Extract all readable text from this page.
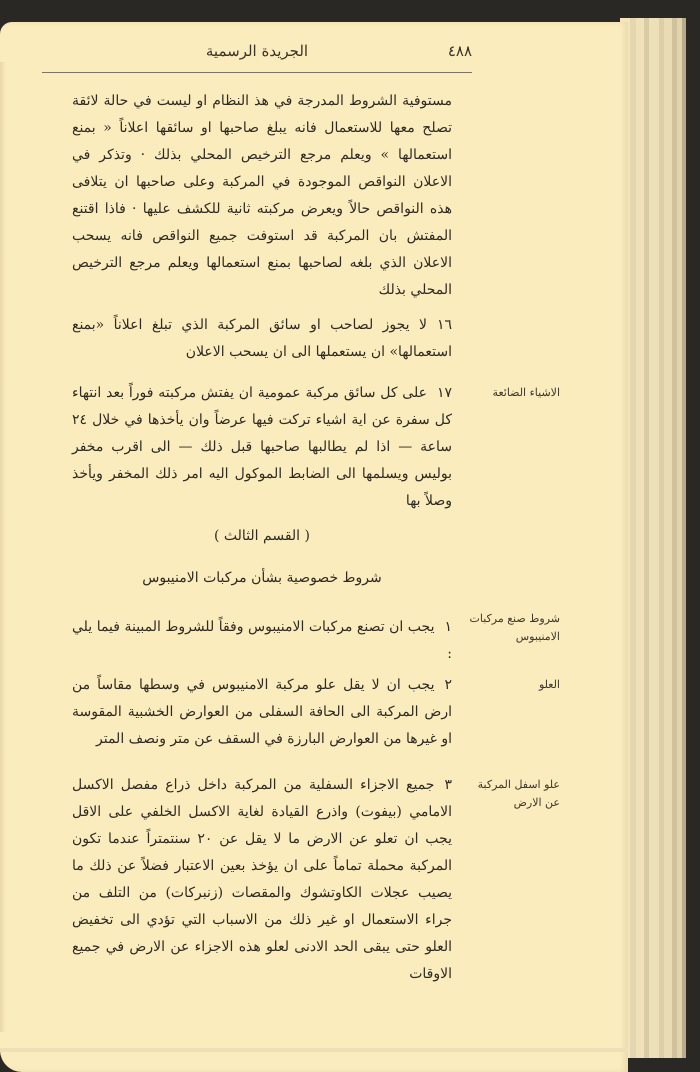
٤٨٨
الجريدة الرسمية
مستوفية الشروط المدرجة في هذ النظام او ليست في حالة لائقة تصلح معها للاستعمال فانه يبلغ صاحبها او سائقها اعلاناً « بمنع استعمالها » ويعلم مرجع الترخيص المحلي بذلك · وتذكر في الاعلان النواقص الموجودة في المركبة وعلى صاحبها ان يتلافى هذه النواقص حالاً ويعرض مركبته ثانية للكشف عليها · فاذا اقتنع المفتش بان المركبة قد استوفت جميع النواقص فانه يسحب الاعلان الذي بلغه لصاحبها بمنع استعمالها ويعلم مرجع الترخيص المحلي بذلك
١٦لا يجوز لصاحب او سائق المركبة الذي تبلغ اعلاناً «بمنع استعمالها» ان يستعملها الى ان يسحب الاعلان
الاشياء الضائعة
١٧على كل سائق مركبة عمومية ان يفتش مركبته فوراً بعد انتهاء كل سفرة عن اية اشياء تركت فيها عرضاً وان يأخذها في خلال ٢٤ ساعة — اذا لم يطالبها صاحبها قبل ذلك — الى اقرب مخفر بوليس ويسلمها الى الضابط الموكول اليه امر ذلك المخفر ويأخذ وصلاً بها
( القسم الثالث )
شروط خصوصية بشأن مركبات الامنيبوس
شروط صنع مركبات الامنيبوس
١يجب ان تصنع مركبات الامنيبوس وفقاً للشروط المبينة فيما يلي :
العلو
٢يجب ان لا يقل علو مركبة الامنيبوس في وسطها مقاساً من ارض المركبة الى الحافة السفلى من العوارض الخشبية المقوسة او غيرها من العوارض البارزة في السقف عن متر ونصف المتر
علو اسفل المركبة عن الارض
٣جميع الاجزاء السفلية من المركبة داخل ذراع مفصل الاكسل الامامي (بيفوت) واذرع القيادة لغاية الاكسل الخلفي على الاقل يجب ان تعلو عن الارض ما لا يقل عن ٢٠ سنتمتراً عندما تكون المركبة محملة تماماً على ان يؤخذ بعين الاعتبار فضلاً عن ذلك ما يصيب عجلات الكاوتشوك والمقصات (زنبركات) من التلف من جراء الاستعمال او غير ذلك من الاسباب التي تؤدي الى تخفيض العلو حتى يبقى الحد الادنى لعلو هذه الاجزاء عن الارض في جميع الاوقات
